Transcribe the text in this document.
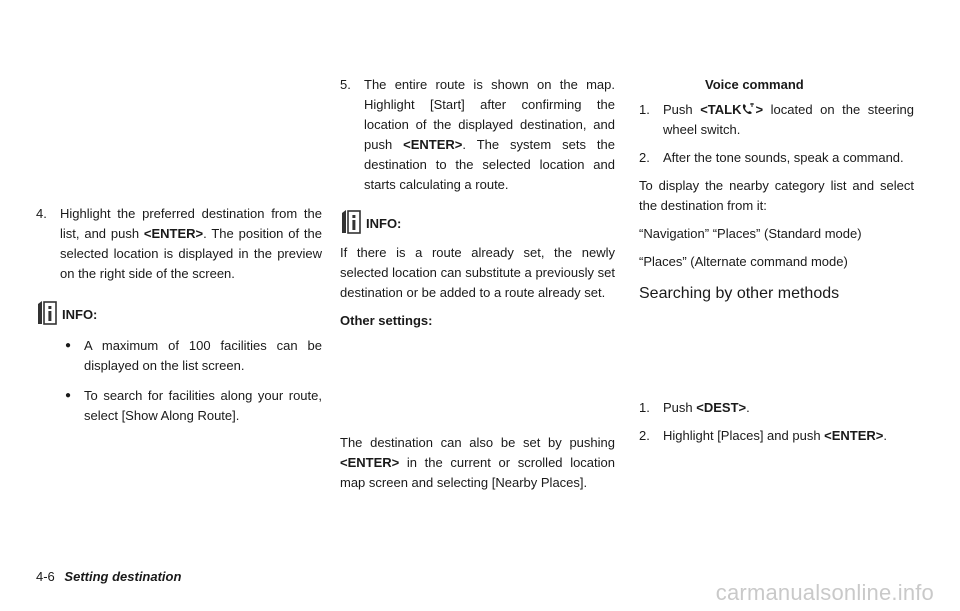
4. Highlight the preferred destination from the list, and push <ENTER>. The position of the selected location is displayed in the preview on the right side of the screen.
INFO:
● A maximum of 100 facilities can be displayed on the list screen.
● To search for facilities along your route, select [Show Along Route].
5. The entire route is shown on the map. Highlight [Start] after confirming the location of the displayed destination, and push <ENTER>. The system sets the destination to the selected location and starts calculating a route.
INFO:

If there is a route already set, the newly selected location can substitute a previously set destination or be added to a route already set.

Other settings:

The destination can also be set by pushing <ENTER> in the current or scrolled location map screen and selecting [Nearby Places].

Voice command
1. Push <TALK > located on the steering wheel switch.
2. After the tone sounds, speak a command.

To display the nearby category list and select the destination from it:

“Navigation” “Places” (Standard mode)

“Places” (Alternate command mode)

Searching by other methods
1. Push <DEST>.
2. Highlight [Places] and push <ENTER>.
4-6 Setting destination
carmanualsonline.info
